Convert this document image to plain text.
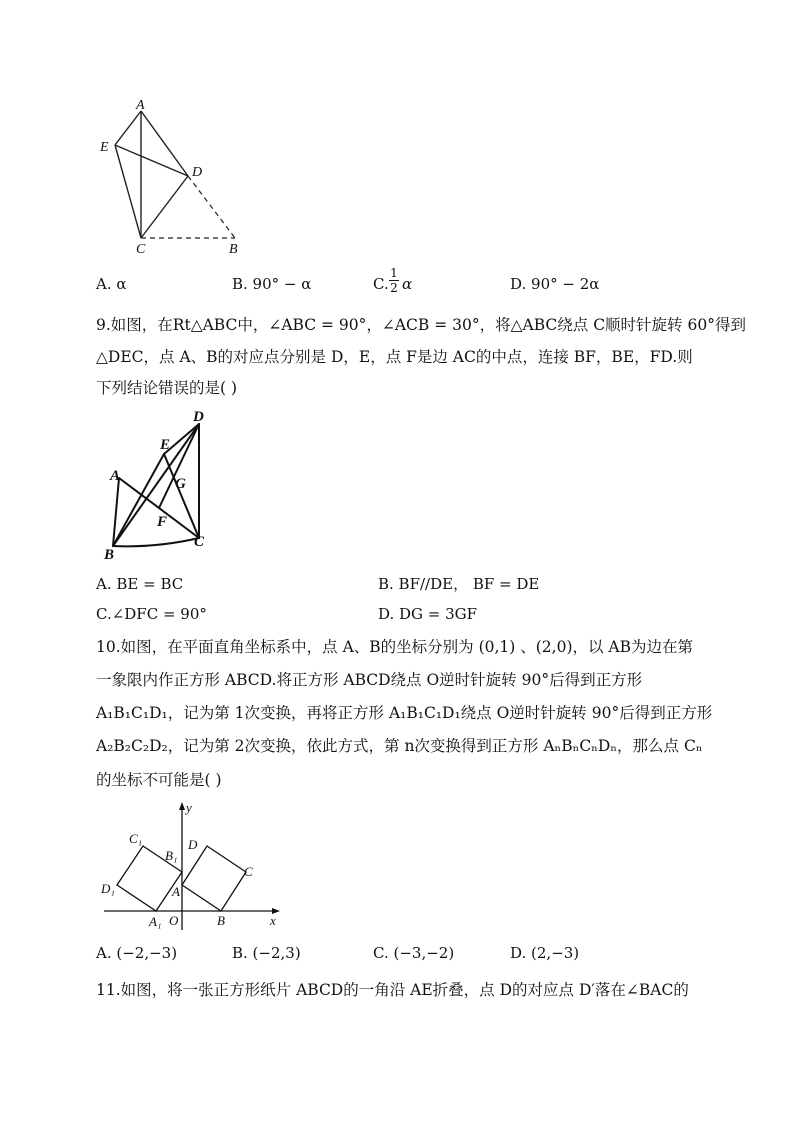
A
E
D
C	B
A. α	B. 90° − α	C. $\frac{1}{2}$ α	D. 90° − 2α
9.如图，在Rt△ABC中，∠ABC = 90°，∠ACB = 30°，将△ABC绕点 C顺时针旋转 60°得到
△DEC，点 A、B的对应点分别是 D，E，点 F是边 AC的中点，连接 BF，BE，FD.则
下列结论错误的是( )
D
E
A	G
F
B
C
A. BE = BC	B. BF//DE， BF = DE
C.∠DFC = 90°	D. DG = 3GF
10.如图，在平面直角坐标系中，点 A、B的坐标分别为 (0,1) 、(2,0)，以 AB为边在第
一象限内作正方形 ABCD.将正方形 ABCD绕点 O逆时针旋转 90°后得到正方形
A₁B₁C₁D₁，记为第 1次变换，再将正方形 A₁B₁C₁D₁绕点 O逆时针旋转 90°后得到正方形
A₂B₂C₂D₂，记为第 2次变换，依此方式，第 n次变换得到正方形 AₙBₙCₙDₙ，那么点 Cₙ
的坐标不可能是( )
y
x
C₁
B₁
D
C
D₁	A
O
A₁	B
A. (−2,−3)	B. (−2,3)	C. (−3,−2)	D. (2,−3)
11.如图，将一张正方形纸片 ABCD的一角沿 AE折叠，点 D的对应点 D′落在∠BAC的
